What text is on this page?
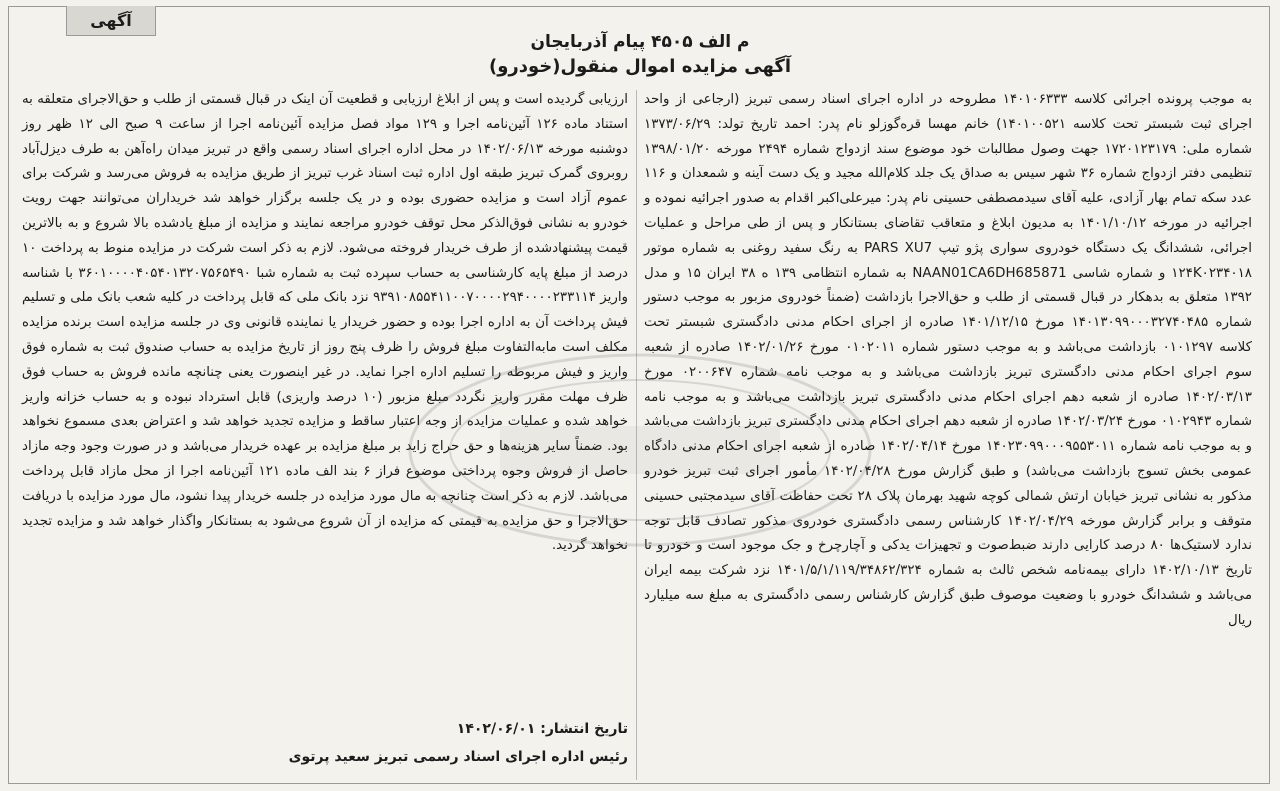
آگهی
م الف ۴۵۰۵ پیام آذربایجان
آگهی مزایده اموال منقول(خودرو)
به موجب پرونده اجرائی کلاسه ۱۴۰۱۰۶۳۳۳ مطروحه در اداره اجرای اسناد رسمی تبریز (ارجاعی از واحد اجرای ثبت شبستر تحت کلاسه ۱۴۰۱۰۰۵۲۱) خانم مهسا قره‌گوزلو نام پدر: احمد تاریخ تولد: ۱۳۷۳/۰۶/۲۹ شماره ملی: ۱۷۲۰۱۲۳۱۷۹ جهت وصول مطالبات خود موضوع سند ازدواج شماره ۲۴۹۴ مورخه ۱۳۹۸/۰۱/۲۰ تنظیمی دفتر ازدواج شماره ۳۶ شهر سیس به صداق یک جلد کلام‌الله مجید و یک دست آینه و شمعدان و ۱۱۶ عدد سکه تمام بهار آزادی، علیه آقای سیدمصطفی حسینی نام پدر: میرعلی‌اکبر اقدام به صدور اجرائیه نموده و اجرائیه در مورخه ۱۴۰۱/۱۰/۱۲ به مدیون ابلاغ و متعاقب تقاضای بستانکار و پس از طی مراحل و عملیات اجرائی، ششدانگ یک دستگاه خودروی سواری پژو تیپ PARS XU7 به رنگ سفید روغنی به شماره موتور ۱۲۴K۰۲۳۴۰۱۸ و شماره شاسی NAAN01CA6DH685871 به شماره انتظامی ۱۳۹ ه ۳۸ ایران ۱۵ و مدل ۱۳۹۲ متعلق به بدهکار در قبال قسمتی از طلب و حق‌الاجرا بازداشت (ضمناً خودروی مزبور به موجب دستور شماره ۱۴۰۱۳۰۹۹۰۰۰۳۲۷۴۰۴۸۵ مورخ ۱۴۰۱/۱۲/۱۵ صادره از اجرای احکام مدنی دادگستری شبستر تحت کلاسه ۰۱۰۱۲۹۷ بازداشت می‌باشد و به موجب دستور شماره ۰۱۰۲۰۱۱ مورخ ۱۴۰۲/۰۱/۲۶ صادره از شعبه سوم اجرای احکام مدنی دادگستری تبریز بازداشت می‌باشد و به موجب نامه شماره ۰۲۰۰۶۴۷ مورخ ۱۴۰۲/۰۳/۱۳ صادره از شعبه دهم اجرای احکام مدنی دادگستری تبریز بازداشت می‌باشد و به موجب نامه شماره ۰۱۰۲۹۴۳ مورخ ۱۴۰۲/۰۳/۲۴ صادره از شعبه دهم اجرای احکام مدنی دادگستری تبریز بازداشت می‌باشد و به موجب نامه شماره ۱۴۰۲۳۰۹۹۰۰۰۹۵۵۳۰۱۱ مورخ ۱۴۰۲/۰۴/۱۴ صادره از شعبه اجرای احکام مدنی دادگاه عمومی بخش تسوج بازداشت می‌باشد) و طبق گزارش مورخ ۱۴۰۲/۰۴/۲۸ مأمور اجرای ثبت تبریز خودرو مذکور به نشانی تبریز خیابان ارتش شمالی کوچه شهید بهرمان پلاک ۲۸ تحت حفاظت آقای سیدمجتبی حسینی متوقف و برابر گزارش مورخه ۱۴۰۲/۰۴/۲۹ کارشناس رسمی دادگستری خودروی مذکور تصادف قابل توجه ندارد لاستیک‌ها ۸۰ درصد کارایی دارند ضبط‌صوت و تجهیزات یدکی و آچارچرخ و جک موجود است و خودرو تا تاریخ ۱۴۰۲/۱۰/۱۳ دارای بیمه‌نامه شخص ثالث به شماره ۱۴۰۱/۵/۱/۱۱۹/۳۴۸۶۲/۳۲۴ نزد شرکت بیمه ایران می‌باشد و ششدانگ خودرو با وضعیت موصوف طبق گزارش کارشناس رسمی دادگستری به مبلغ سه میلیارد ریال
ارزیابی گردیده است و پس از ابلاغ ارزیابی و قطعیت آن اینک در قبال قسمتی از طلب و حق‌الاجرای متعلقه به استناد ماده ۱۲۶ آئین‌نامه اجرا و ۱۲۹ مواد فصل مزایده آئین‌نامه اجرا از ساعت ۹ صبح الی ۱۲ ظهر روز دوشنبه مورخه ۱۴۰۲/۰۶/۱۳ در محل اداره اجرای اسناد رسمی واقع در تبریز میدان راه‌آهن به طرف دیزل‌آباد روبروی گمرک تبریز طبقه اول اداره ثبت اسناد غرب تبریز از طریق مزایده به فروش می‌رسد و شرکت برای عموم آزاد است و مزایده حضوری بوده و در یک جلسه برگزار خواهد شد خریداران می‌توانند جهت رویت خودرو به نشانی فوق‌الذکر محل توقف خودرو مراجعه نمایند و مزایده از مبلغ یادشده بالا شروع و به بالاترین قیمت پیشنهادشده از طرف خریدار فروخته می‌شود. لازم به ذکر است شرکت در مزایده منوط به پرداخت ۱۰ درصد از مبلغ پایه کارشناسی به حساب سپرده ثبت به شماره شبا ۳۶۰۱۰۰۰۰۴۰۵۴۰۱۳۲۰۷۵۶۵۴۹۰ با شناسه واریز ۹۳۹۱۰۸۵۵۴۱۱۰۰۷۰۰۰۰۲۹۴۰۰۰۰۲۳۳۱۱۴ نزد بانک ملی که قابل پرداخت در کلیه شعب بانک ملی و تسلیم فیش پرداخت آن به اداره اجرا بوده و حضور خریدار یا نماینده قانونی وی در جلسه مزایده است برنده مزایده مکلف است مابه‌التفاوت مبلغ فروش را ظرف پنج روز از تاریخ مزایده به حساب صندوق ثبت به شماره فوق واریز و فیش مربوطه را تسلیم اداره اجرا نماید. در غیر اینصورت یعنی چنانچه مانده فروش به حساب فوق ظرف مهلت مقرر واریز نگردد مبلغ مزبور (۱۰ درصد واریزی) قابل استرداد نبوده و به حساب خزانه واریز خواهد شده و عملیات مزایده از وجه اعتبار ساقط و مزایده تجدید خواهد شد و اعتراض بعدی مسموع نخواهد بود. ضمناً سایر هزینه‌ها و حق حراج زاید بر مبلغ مزایده بر عهده خریدار می‌باشد و در صورت وجود وجه مازاد حاصل از فروش وجوه پرداختی موضوع فراز ۶ بند الف ماده ۱۲۱ آئین‌نامه اجرا از محل مازاد قابل پرداخت می‌باشد. لازم به ذکر است چنانچه به مال مورد مزایده در جلسه خریدار پیدا نشود، مال مورد مزایده با دریافت حق‌الاجرا و حق مزایده به قیمتی که مزایده از آن شروع می‌شود به بستانکار واگذار خواهد شد و مزایده تجدید نخواهد گردید.
تاریخ انتشار: ۱۴۰۲/۰۶/۰۱
رئیس اداره اجرای اسناد رسمی تبریز سعید پرتوی
